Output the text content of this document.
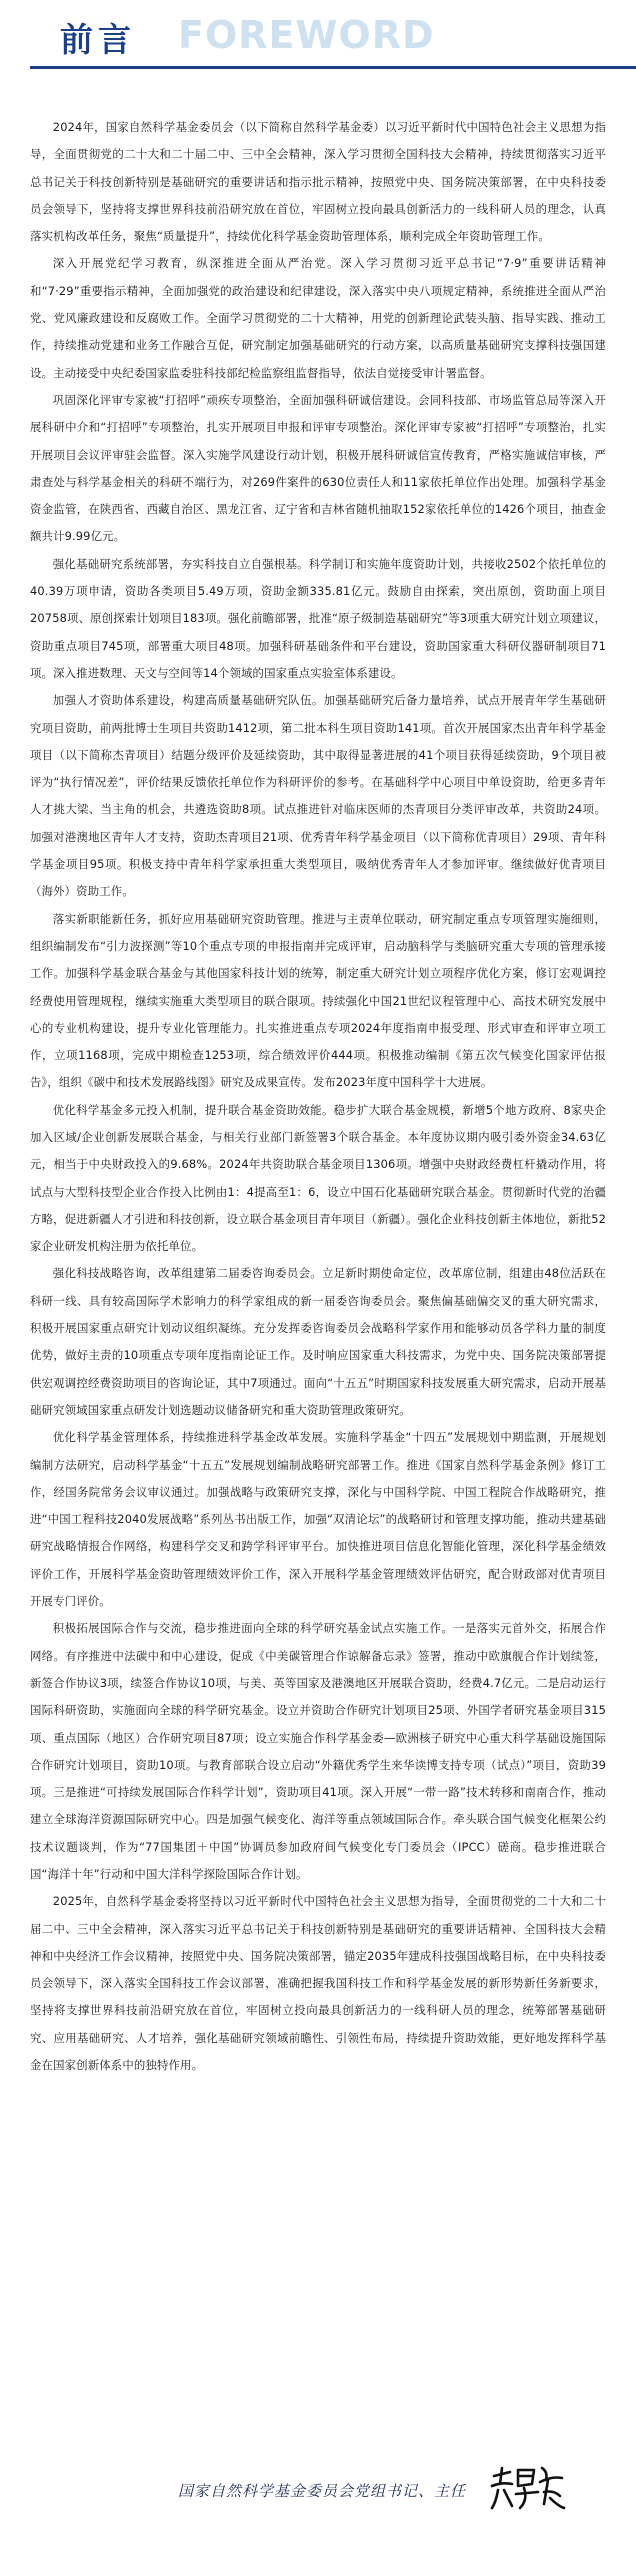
前言 FOREWORD

2024年，国家自然科学基金委员会（以下简称自然科学基金委）以习近平新时代中国特色社会主义思想为指导，全面贯彻党的二十大和二十届二中、三中全会精神，深入学习贯彻全国科技大会精神，持续贯彻落实习近平总书记关于科技创新特别是基础研究的重要讲话和指示批示精神，按照党中央、国务院决策部署，在中央科技委员会领导下，坚持将支撑世界科技前沿研究放在首位，牢固树立投向最具创新活力的一线科研人员的理念，认真落实机构改革任务，聚焦“质量提升”，持续优化科学基金资助管理体系，顺利完成全年资助管理工作。

深入开展党纪学习教育，纵深推进全面从严治党。深入学习贯彻习近平总书记“7·9”重要讲话精神和“7·29”重要指示精神，全面加强党的政治建设和纪律建设，深入落实中央八项规定精神，系统推进全面从严治党、党风廉政建设和反腐败工作。全面学习贯彻党的二十大精神，用党的创新理论武装头脑、指导实践、推动工作，持续推动党建和业务工作融合互促，研究制定加强基础研究的行动方案，以高质量基础研究支撑科技强国建设。主动接受中央纪委国家监委驻科技部纪检监察组监督指导，依法自觉接受审计署监督。

巩固深化评审专家被“打招呼”顽疾专项整治，全面加强科研诚信建设。会同科技部、市场监管总局等深入开展科研中介和“打招呼”专项整治，扎实开展项目申报和评审专项整治。深化评审专家被“打招呼”专项整治，扎实开展项目会议评审驻会监督。深入实施学风建设行动计划，积极开展科研诚信宣传教育，严格实施诚信审核，严肃查处与科学基金相关的科研不端行为，对269件案件的630位责任人和11家依托单位作出处理。加强科学基金资金监管，在陕西省、西藏自治区、黑龙江省、辽宁省和吉林省随机抽取152家依托单位的1426个项目，抽查金额共计9.99亿元。

强化基础研究系统部署，夯实科技自立自强根基。科学制订和实施年度资助计划，共接收2502个依托单位的40.39万项申请，资助各类项目5.49万项，资助金额335.81亿元。鼓励自由探索，突出原创，资助面上项目20758项、原创探索计划项目183项。强化前瞻部署，批准“原子级制造基础研究”等3项重大研究计划立项建议，资助重点项目745项，部署重大项目48项。加强科研基础条件和平台建设，资助国家重大科研仪器研制项目71项。深入推进数理、天文与空间等14个领域的国家重点实验室体系建设。

加强人才资助体系建设，构建高质量基础研究队伍。加强基础研究后备力量培养，试点开展青年学生基础研究项目资助，前两批博士生项目共资助1412项，第二批本科生项目资助141项。首次开展国家杰出青年科学基金项目（以下简称杰青项目）结题分级评价及延续资助，其中取得显著进展的41个项目获得延续资助，9个项目被评为“执行情况差”，评价结果反馈依托单位作为科研评价的参考。在基础科学中心项目中单设资助，给更多青年人才挑大梁、当主角的机会，共遴选资助8项。试点推进针对临床医师的杰青项目分类评审改革，共资助24项。加强对港澳地区青年人才支持，资助杰青项目21项、优秀青年科学基金项目（以下简称优青项目）29项、青年科学基金项目95项。积极支持中青年科学家承担重大类型项目，吸纳优秀青年人才参加评审。继续做好优青项目（海外）资助工作。

落实新职能新任务，抓好应用基础研究资助管理。推进与主责单位联动，研究制定重点专项管理实施细则，组织编制发布“引力波探测”等10个重点专项的申报指南并完成评审，启动脑科学与类脑研究重大专项的管理承接工作。加强科学基金联合基金与其他国家科技计划的统筹，制定重大研究计划立项程序优化方案，修订宏观调控经费使用管理规程，继续实施重大类型项目的联合限项。持续强化中国21世纪议程管理中心、高技术研究发展中心的专业机构建设，提升专业化管理能力。扎实推进重点专项2024年度指南申报受理、形式审查和评审立项工作，立项1168项，完成中期检查1253项，综合绩效评价444项。积极推动编制《第五次气候变化国家评估报告》，组织《碳中和技术发展路线图》研究及成果宣传。发布2023年度中国科学十大进展。

优化科学基金多元投入机制，提升联合基金资助效能。稳步扩大联合基金规模，新增5个地方政府、8家央企加入区域/企业创新发展联合基金，与相关行业部门新签署3个联合基金。本年度协议期内吸引委外资金34.63亿元，相当于中央财政投入的9.68%。2024年共资助联合基金项目1306项。增强中央财政经费杠杆撬动作用，将试点与大型科技型企业合作投入比例由1：4提高至1：6，设立中国石化基础研究联合基金。贯彻新时代党的治疆方略，促进新疆人才引进和科技创新，设立联合基金项目青年项目（新疆）。强化企业科技创新主体地位，新批52家企业研发机构注册为依托单位。

强化科技战略咨询，改革组建第二届委咨询委员会。立足新时期使命定位，改革席位制，组建由48位活跃在科研一线、具有较高国际学术影响力的科学家组成的新一届委咨询委员会。聚焦偏基础偏交叉的重大研究需求，积极开展国家重点研究计划动议组织凝练。充分发挥委咨询委员会战略科学家作用和能够动员各学科力量的制度优势，做好主责的10项重点专项年度指南论证工作。及时响应国家重大科技需求，为党中央、国务院决策部署提供宏观调控经费资助项目的咨询论证，其中7项通过。面向“十五五”时期国家科技发展重大研究需求，启动开展基础研究领域国家重点研发计划选题动议储备研究和重大资助管理政策研究。

优化科学基金管理体系，持续推进科学基金改革发展。实施科学基金“十四五”发展规划中期监测，开展规划编制方法研究，启动科学基金“十五五”发展规划编制战略研究部署工作。推进《国家自然科学基金条例》修订工作，经国务院常务会议审议通过。加强战略与政策研究支撑，深化与中国科学院、中国工程院合作战略研究，推进“中国工程科技2040发展战略”系列丛书出版工作，加强“双清论坛”的战略研讨和管理支撑功能，推动共建基础研究战略情报合作网络，构建科学交叉和跨学科评审平台。加快推进项目信息化智能化管理，深化科学基金绩效评价工作，开展科学基金资助管理绩效评价工作，深入开展科学基金管理绩效评估研究，配合财政部对优青项目开展专门评价。

积极拓展国际合作与交流，稳步推进面向全球的科学研究基金试点实施工作。一是落实元首外交，拓展合作网络。有序推进中法碳中和中心建设，促成《中美碳管理合作谅解备忘录》签署，推动中欧旗舰合作计划续签，新签合作协议3项，续签合作协议10项，与美、英等国家及港澳地区开展联合资助，经费4.7亿元。二是启动运行国际科研资助，实施面向全球的科学研究基金。设立并资助合作研究计划项目25项、外国学者研究基金项目315项、重点国际（地区）合作研究项目87项；设立实施合作科学基金委—欧洲核子研究中心重大科学基础设施国际合作研究计划项目，资助10项。与教育部联合设立启动“外籍优秀学生来华读博支持专项（试点）”项目，资助39项。三是推进“可持续发展国际合作科学计划”，资助项目41项。深入开展“一带一路”技术转移和南南合作，推动建立全球海洋资源国际研究中心。四是加强气候变化、海洋等重点领域国际合作。牵头联合国气候变化框架公约技术议题谈判，作为“77国集团＋中国”协调员参加政府间气候变化专门委员会（IPCC）磋商。稳步推进联合国“海洋十年”行动和中国大洋科学探险国际合作计划。

2025年，自然科学基金委将坚持以习近平新时代中国特色社会主义思想为指导，全面贯彻党的二十大和二十届二中、三中全会精神，深入落实习近平总书记关于科技创新特别是基础研究的重要讲话精神、全国科技大会精神和中央经济工作会议精神，按照党中央、国务院决策部署，锚定2035年建成科技强国战略目标，在中央科技委员会领导下，深入落实全国科技工作会议部署，准确把握我国科技工作和科学基金发展的新形势新任务新要求，坚持将支撑世界科技前沿研究放在首位，牢固树立投向最具创新活力的一线科研人员的理念，统筹部署基础研究、应用基础研究、人才培养，强化基础研究领域前瞻性、引领性布局，持续提升资助效能，更好地发挥科学基金在国家创新体系中的独特作用。

国家自然科学基金委员会党组书记、主任
